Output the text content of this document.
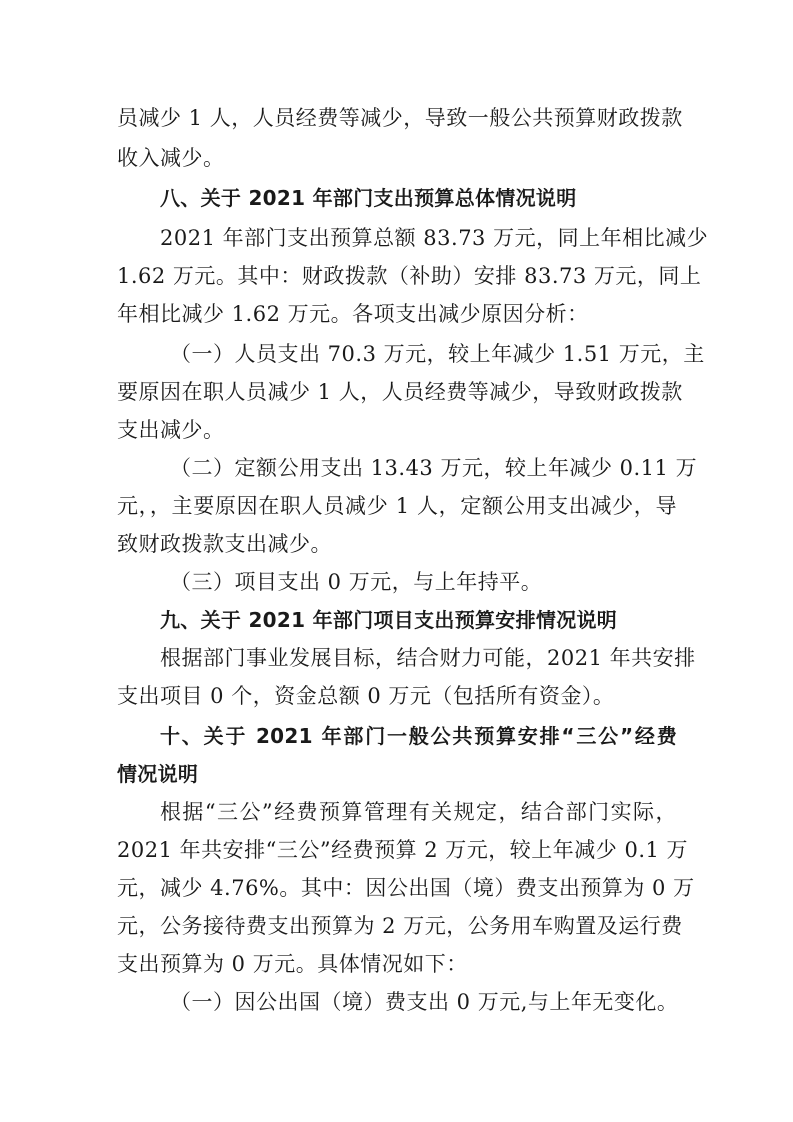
员减少 1 人，人员经费等减少，导致一般公共预算财政拨款
收入减少。
八、关于 2021 年部门支出预算总体情况说明
2021 年部门支出预算总额 83.73 万元，同上年相比减少
1.62 万元。其中：财政拨款（补助）安排 83.73 万元，同上
年相比减少 1.62 万元。各项支出减少原因分析：
（一）人员支出 70.3 万元，较上年减少 1.51 万元，主
要原因在职人员减少 1 人，人员经费等减少，导致财政拨款
支出减少。
（二）定额公用支出 13.43 万元，较上年减少 0.11 万
元，，主要原因在职人员减少 1 人，定额公用支出减少，导
致财政拨款支出减少。
（三）项目支出 0 万元，与上年持平。
九、关于 2021 年部门项目支出预算安排情况说明
根据部门事业发展目标，结合财力可能，2021 年共安排
支出项目 0 个，资金总额 0 万元（包括所有资金）。
十、关于 2021 年部门一般公共预算安排“三公”经费
情况说明
根据“三公”经费预算管理有关规定，结合部门实际，
2021 年共安排“三公”经费预算 2 万元，较上年减少 0.1 万
元，减少 4.76%。其中：因公出国（境）费支出预算为 0 万
元，公务接待费支出预算为 2 万元，公务用车购置及运行费
支出预算为 0 万元。具体情况如下：
（一）因公出国（境）费支出 0 万元,与上年无变化。
